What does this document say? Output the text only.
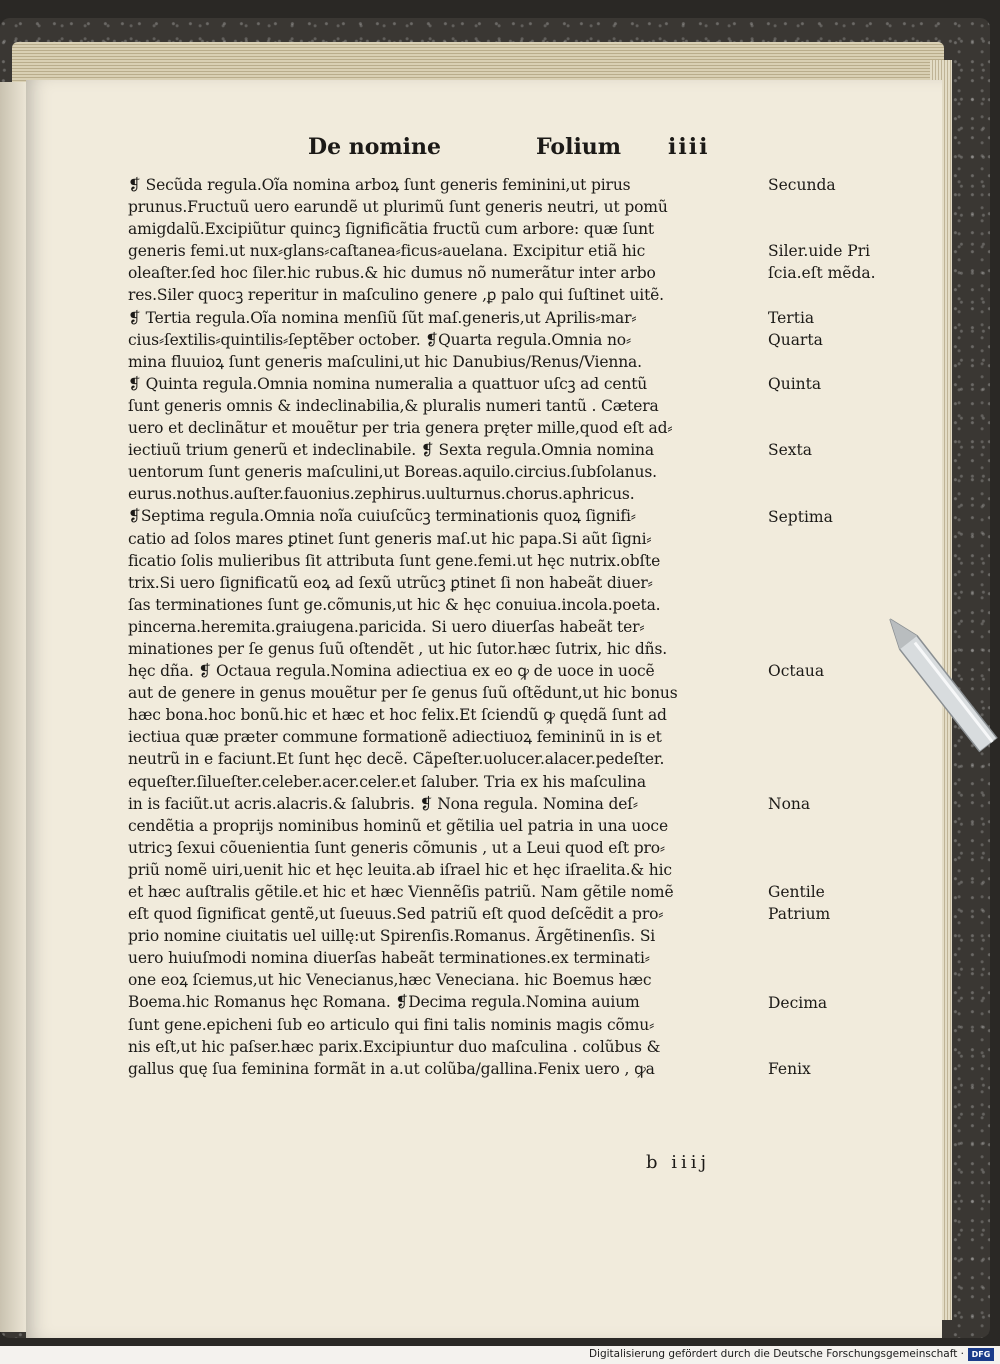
De nomine	Folium iiii
❡ Secũda regula.Oĩa nomina arboꝝ ſunt generis feminini,ut pirus
prunus.Fructuũ uero earundẽ ut plurimũ ſunt generis neutri, ut pomũ
amigdalũ.Excipiũtur quincꝫ ſignificãtia fructũ cum arbore: quæ ſunt
generis femi.ut nux⸗glans⸗caſtanea⸗ficus⸗auelana. Excipitur etiã hic
oleaſter.ſed hoc ſiler.hic rubus.& hic dumus nõ numerãtur inter arbo
res.Siler quocꝫ reperitur in maſculino genere ,ꝑ palo qui ſuſtinet uitẽ.
❡ Tertia regula.Oĩa nomina menſiũ ſũt maſ.generis,ut Aprilis⸗mar⸗
cius⸗ſextilis⸗quintilis⸗ſeptẽber october. ❡Quarta regula.Omnia no⸗
mina fluuioꝝ ſunt generis maſculini,ut hic Danubius/Renus/Vienna.
❡ Quinta regula.Omnia nomina numeralia a quattuor uſcꝫ ad centũ
ſunt generis omnis & indeclinabilia,& pluralis numeri tantũ . Cætera
uero et declinãtur et mouẽtur per tria genera pręter mille,quod eſt ad⸗
iectiuũ trium generũ et indeclinabile. ❡ Sexta regula.Omnia nomina
uentorum ſunt generis maſculini,ut Boreas.aquilo.circius.ſubſolanus.
eurus.nothus.auſter.fauonius.zephirus.uulturnus.chorus.aphricus.
❡Septima regula.Omnia noĩa cuiuſcũcꝫ terminationis quoꝝ ſignifi⸗
catio ad ſolos mares ꝑtinet ſunt generis maſ.ut hic papa.Si aũt ſigni⸗
ficatio ſolis mulieribus ſit attributa ſunt gene.femi.ut hęc nutrix.obſte
trix.Si uero ſignificatũ eoꝝ ad ſexũ utrũcꝫ ꝑtinet ſi non habeãt diuer⸗
ſas terminationes ſunt ge.cõmunis,ut hic & hęc conuiua.incola.poeta.
pincerna.heremita.graiugena.paricida. Si uero diuerſas habeãt ter⸗
minationes per ſe genus ſuũ oſtendẽt , ut hic ſutor.hæc ſutrix, hic dñs.
hęc dña. ❡ Octaua regula.Nomina adiectiua ex eo ꝙ de uoce in uocẽ
aut de genere in genus mouẽtur per ſe genus ſuũ oſtẽdunt,ut hic bonus
hæc bona.hoc bonũ.hic et hæc et hoc felix.Et ſciendũ ꝙ quędã ſunt ad
iectiua quæ præter commune formationẽ adiectiuoꝝ femininũ in is et
neutrũ in e faciunt.Et ſunt hęc decẽ. Cãpeſter.uolucer.alacer.pedeſter.
equeſter.ſilueſter.celeber.acer.celer.et ſaluber. Tria ex his maſculina
in is faciũt.ut acris.alacris.& ſalubris. ❡ Nona regula. Nomina deſ⸗
cendẽtia a proprijs nominibus hominũ et gẽtilia uel patria in una uoce
utricꝫ ſexui cõuenientia ſunt generis cõmunis , ut a Leui quod eſt pro⸗
priũ nomẽ uiri,uenit hic et hęc leuita.ab iſrael hic et hęc iſraelita.& hic
et hæc auſtralis gẽtile.et hic et hæc Viennẽſis patriũ. Nam gẽtile nomẽ
eſt quod ſignificat gentẽ,ut ſueuus.Sed patriũ eſt quod deſcẽdit a pro⸗
prio nomine ciuitatis uel uillę:ut Spirenſis.Romanus. Ãrgẽtinenſis. Si
uero huiuſmodi nomina diuerſas habeãt terminationes.ex terminati⸗
one eoꝝ ſciemus,ut hic Venecianus,hæc Veneciana. hic Boemus hæc
Boema.hic Romanus hęc Romana. ❡Decima regula.Nomina auium
ſunt gene.epicheni ſub eo articulo qui fini talis nominis magis cõmu⸗
nis eſt,ut hic paſser.hæc parix.Excipiuntur duo maſculina . colũbus &
gallus quę ſua feminina formãt in a.ut colũba/gallina.Fenix uero , ꝙa
Secunda
Siler.uide Pri
ſcia.eſt mẽda.
Tertia
Quarta
Quinta
Sexta
Septima
Octaua
Nona
Gentile
Patrium
Decima
Fenix
b iiij
Digitalisierung gefördert durch die Deutsche Forschungsgemeinschaft · DFG
